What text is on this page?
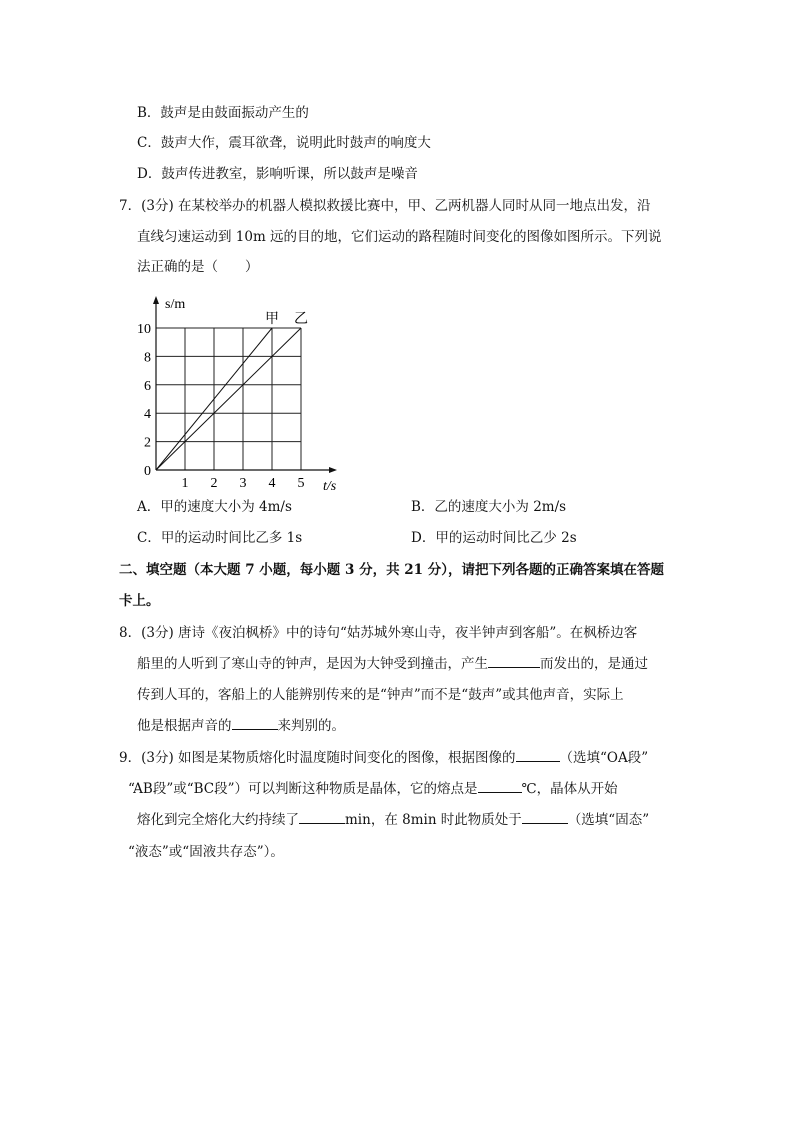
B．鼓声是由鼓面振动产生的
C．鼓声大作，震耳欲聋，说明此时鼓声的响度大
D．鼓声传进教室，影响听课，所以鼓声是噪音
7．(3分) 在某校举办的机器人模拟救援比赛中，甲、乙两机器人同时从同一地点出发，沿
直线匀速运动到 10m 远的目的地，它们运动的路程随时间变化的图像如图所示。下列说
法正确的是（　　）
甲 乙
1 2 3 4 5
2
4
6
8
10
0
s/m
t/s
A．甲的速度大小为 4m/s	B．乙的速度大小为 2m/s
C．甲的运动时间比乙多 1s	D．甲的运动时间比乙少 2s
二、填空题（本大题 7 小题，每小题 3 分，共 21 分），请把下列各题的正确答案填在答题
卡上。
8．(3分) 唐诗《夜泊枫桥》中的诗句“姑苏城外寒山寺，夜半钟声到客船”。在枫桥边客
船里的人听到了寒山寺的钟声，是因为大钟受到撞击，产生	而发出的，是通过
传到人耳的，客船上的人能辨别传来的是“钟声”而不是“鼓声”或其他声音，实际上
他是根据声音的	来判别的。
9．(3分) 如图是某物质熔化时温度随时间变化的图像，根据图像的	（选填“OA段”
“AB段”或“BC段”）可以判断这种物质是晶体，它的熔点是	℃，晶体从开始
熔化到完全熔化大约持续了	min，在 8min 时此物质处于	（选填“固态”
“液态”或“固液共存态”）。
